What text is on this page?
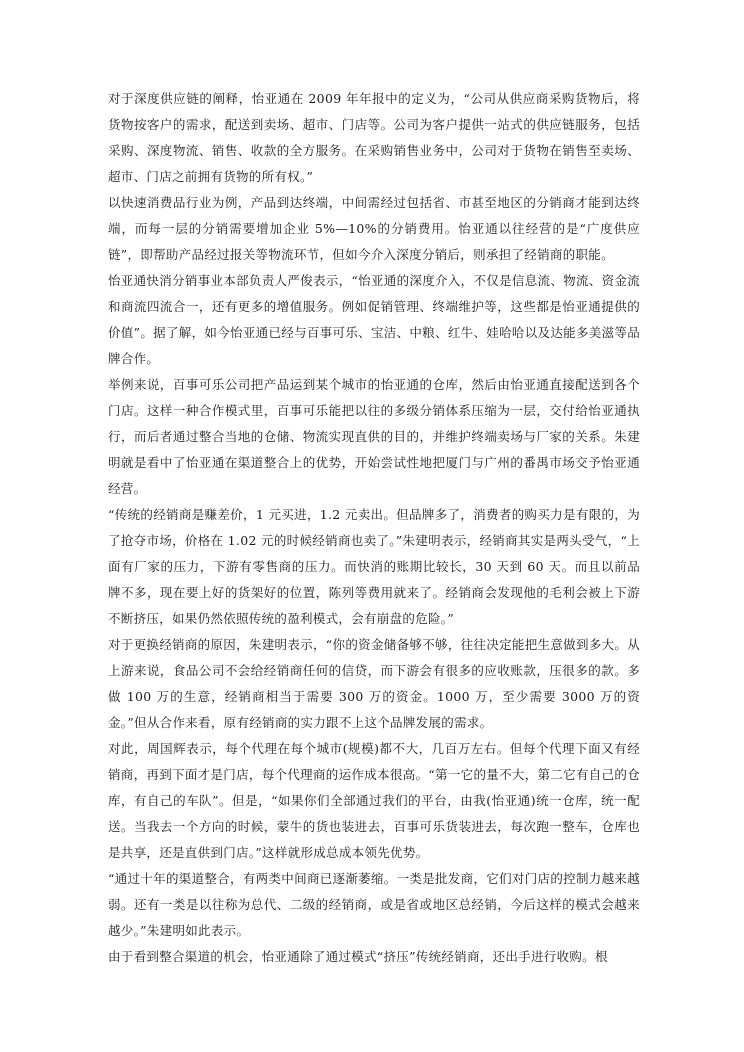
对于深度供应链的阐释，怡亚通在 2009 年年报中的定义为，“公司从供应商采购货物后，将货物按客户的需求，配送到卖场、超市、门店等。公司为客户提供一站式的供应链服务，包括采购、深度物流、销售、收款的全方服务。在采购销售业务中，公司对于货物在销售至卖场、超市、门店之前拥有货物的所有权。”

以快速消费品行业为例，产品到达终端，中间需经过包括省、市甚至地区的分销商才能到达终端，而每一层的分销需要增加企业 5%—10%的分销费用。怡亚通以往经营的是“广度供应链”，即帮助产品经过报关等物流环节，但如今介入深度分销后，则承担了经销商的职能。

怡亚通快消分销事业本部负责人严俊表示，“怡亚通的深度介入，不仅是信息流、物流、资金流和商流四流合一，还有更多的增值服务。例如促销管理、终端维护等，这些都是怡亚通提供的价值”。据了解，如今怡亚通已经与百事可乐、宝洁、中粮、红牛、娃哈哈以及达能多美滋等品牌合作。

举例来说，百事可乐公司把产品运到某个城市的怡亚通的仓库，然后由怡亚通直接配送到各个门店。这样一种合作模式里，百事可乐能把以往的多级分销体系压缩为一层，交付给怡亚通执行，而后者通过整合当地的仓储、物流实现直供的目的，并维护终端卖场与厂家的关系。朱建明就是看中了怡亚通在渠道整合上的优势，开始尝试性地把厦门与广州的番禺市场交予怡亚通经营。

“传统的经销商是赚差价，1 元买进，1.2 元卖出。但品牌多了，消费者的购买力是有限的，为了抢夺市场，价格在 1.02 元的时候经销商也卖了。”朱建明表示，经销商其实是两头受气，“上面有厂家的压力，下游有零售商的压力。而快消的账期比较长，30 天到 60 天。而且以前品牌不多，现在要上好的货架好的位置，陈列等费用就来了。经销商会发现他的毛利会被上下游不断挤压，如果仍然依照传统的盈利模式，会有崩盘的危险。”

对于更换经销商的原因，朱建明表示，“你的资金储备够不够，往往决定能把生意做到多大。从上游来说，食品公司不会给经销商任何的信贷，而下游会有很多的应收账款，压很多的款。多做 100 万的生意，经销商相当于需要 300 万的资金。1000 万，至少需要 3000 万的资金。”但从合作来看，原有经销商的实力跟不上这个品牌发展的需求。

对此，周国辉表示，每个代理在每个城市(规模)都不大，几百万左右。但每个代理下面又有经销商，再到下面才是门店，每个代理商的运作成本很高。“第一它的量不大，第二它有自己的仓库，有自己的车队”。但是，“如果你们全部通过我们的平台，由我(怡亚通)统一仓库，统一配送。当我去一个方向的时候，蒙牛的货也装进去，百事可乐货装进去，每次跑一整车，仓库也是共享，还是直供到门店。”这样就形成总成本领先优势。

“通过十年的渠道整合，有两类中间商已逐渐萎缩。一类是批发商，它们对门店的控制力越来越弱。还有一类是以往称为总代、二级的经销商，或是省或地区总经销，今后这样的模式会越来越少。”朱建明如此表示。

由于看到整合渠道的机会，怡亚通除了通过模式“挤压”传统经销商，还出手进行收购。根
